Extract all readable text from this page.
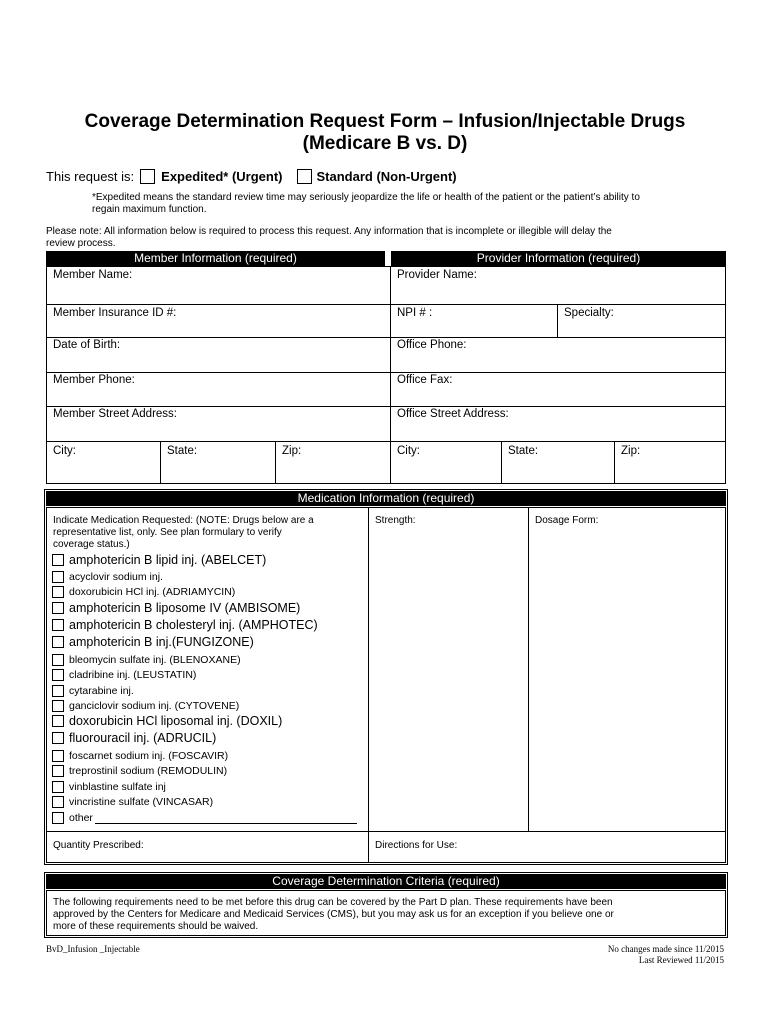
Coverage Determination Request Form – Infusion/Injectable Drugs
(Medicare B vs. D)
This request is: Expedited* (Urgent)	Standard (Non-Urgent)
*Expedited means the standard review time may seriously jeopardize the life or health of the patient or the patient’s ability to
regain maximum function.
Please note: All information below is required to process this request. Any information that is incomplete or illegible will delay the
review process.
Member Information (required)	Provider Information (required)
Member Name:	Provider Name:
Member Insurance ID #:	NPI # :	Specialty:
Date of Birth:	Office Phone:
Member Phone:	Office Fax:
Member Street Address:	Office Street Address:
City:	State:	Zip:	City:	State:	Zip:
Medication Information (required)
Indicate Medication Requested: (NOTE: Drugs below are a
representative list, only. See plan formulary to verify
coverage status.)
Strength:	Dosage Form:
amphotericin B lipid inj. (ABELCET)
acyclovir sodium inj.
doxorubicin HCl inj. (ADRIAMYCIN)
amphotericin B liposome IV (AMBISOME)
amphotericin B cholesteryl inj. (AMPHOTEC)
amphotericin B inj.(FUNGIZONE)
bleomycin sulfate inj. (BLENOXANE)
cladribine inj. (LEUSTATIN)
cytarabine inj.
ganciclovir sodium inj. (CYTOVENE)
doxorubicin HCl liposomal inj. (DOXIL)
fluorouracil inj. (ADRUCIL)
foscarnet sodium inj. (FOSCAVIR)
treprostinil sodium (REMODULIN)
vinblastine sulfate inj
vincristine sulfate (VINCASAR)
other
Quantity Prescribed:	Directions for Use:
Coverage Determination Criteria (required)
The following requirements need to be met before this drug can be covered by the Part D plan. These requirements have been
approved by the Centers for Medicare and Medicaid Services (CMS), but you may ask us for an exception if you believe one or
more of these requirements should be waived.
BvD_Infusion _Injectable	No changes made since 11/2015
Last Reviewed 11/2015
